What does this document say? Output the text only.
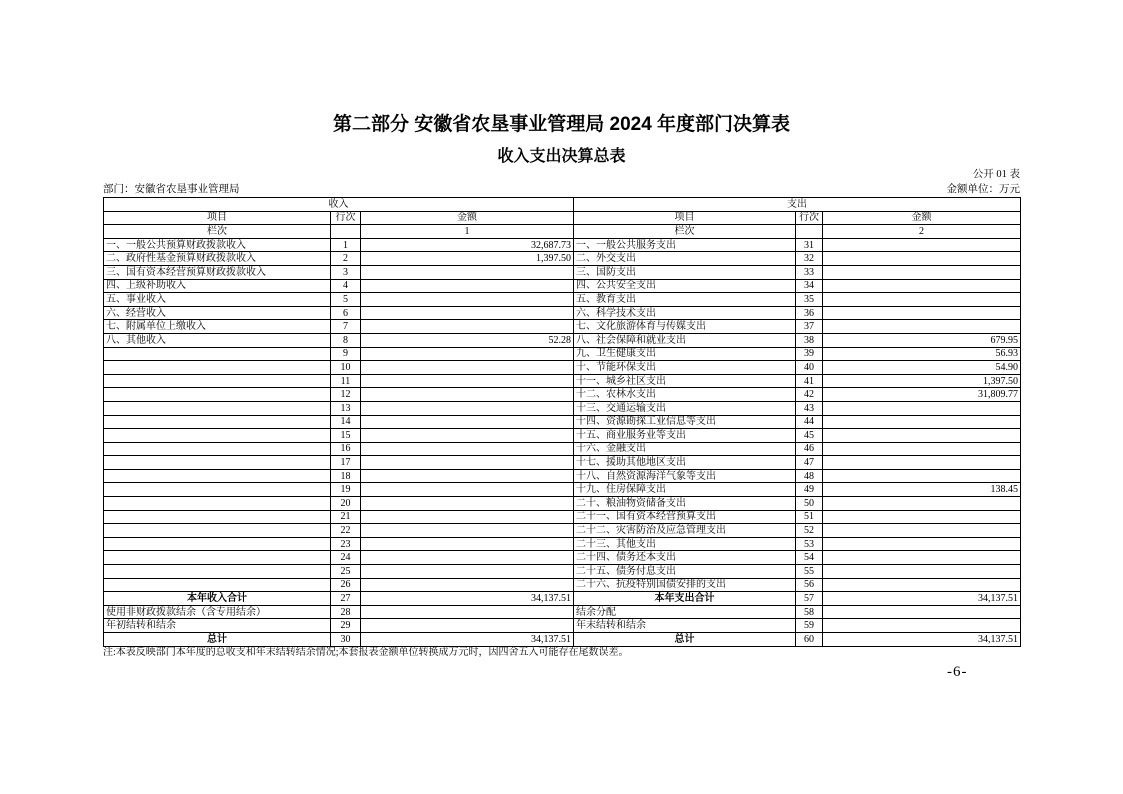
第二部分 安徽省农垦事业管理局 2024 年度部门决算表
收入支出决算总表
公开 01 表
部门：安徽省农垦事业管理局	金额单位：万元
收入			支出		
项目	行次	金额	项目	行次	金额
栏次		1	栏次		2
一、一般公共预算财政拨款收入	1	32,687.73	一、一般公共服务支出	31	
二、政府性基金预算财政拨款收入	2	1,397.50	二、外交支出	32	
三、国有资本经营预算财政拨款收入	3		三、国防支出	33	
四、上级补助收入	4		四、公共安全支出	34	
五、事业收入	5		五、教育支出	35	
六、经营收入	6		六、科学技术支出	36	
七、附属单位上缴收入	7		七、文化旅游体育与传媒支出	37	
八、其他收入	8	52.28	八、社会保障和就业支出	38	679.95
	9		九、卫生健康支出	39	56.93
	10		十、节能环保支出	40	54.90
	11		十一、城乡社区支出	41	1,397.50
	12		十二、农林水支出	42	31,809.77
	13		十三、交通运输支出	43	
	14		十四、资源勘探工业信息等支出	44	
	15		十五、商业服务业等支出	45	
	16		十六、金融支出	46	
	17		十七、援助其他地区支出	47	
	18		十八、自然资源海洋气象等支出	48	
	19		十九、住房保障支出	49	138.45
	20		二十、粮油物资储备支出	50	
	21		二十一、国有资本经营预算支出	51	
	22		二十二、灾害防治及应急管理支出	52	
	23		二十三、其他支出	53	
	24		二十四、债务还本支出	54	
	25		二十五、债务付息支出	55	
	26		二十六、抗疫特别国债安排的支出	56	
本年收入合计	27	34,137.51	本年支出合计	57	34,137.51
使用非财政拨款结余（含专用结余）	28		结余分配	58	
年初结转和结余	29		年末结转和结余	59	
总计	30	34,137.51	总计	60	34,137.51
注:本表反映部门本年度的总收支和年末结转结余情况;本套报表金额单位转换成万元时，因四舍五入可能存在尾数误差。
-6-
